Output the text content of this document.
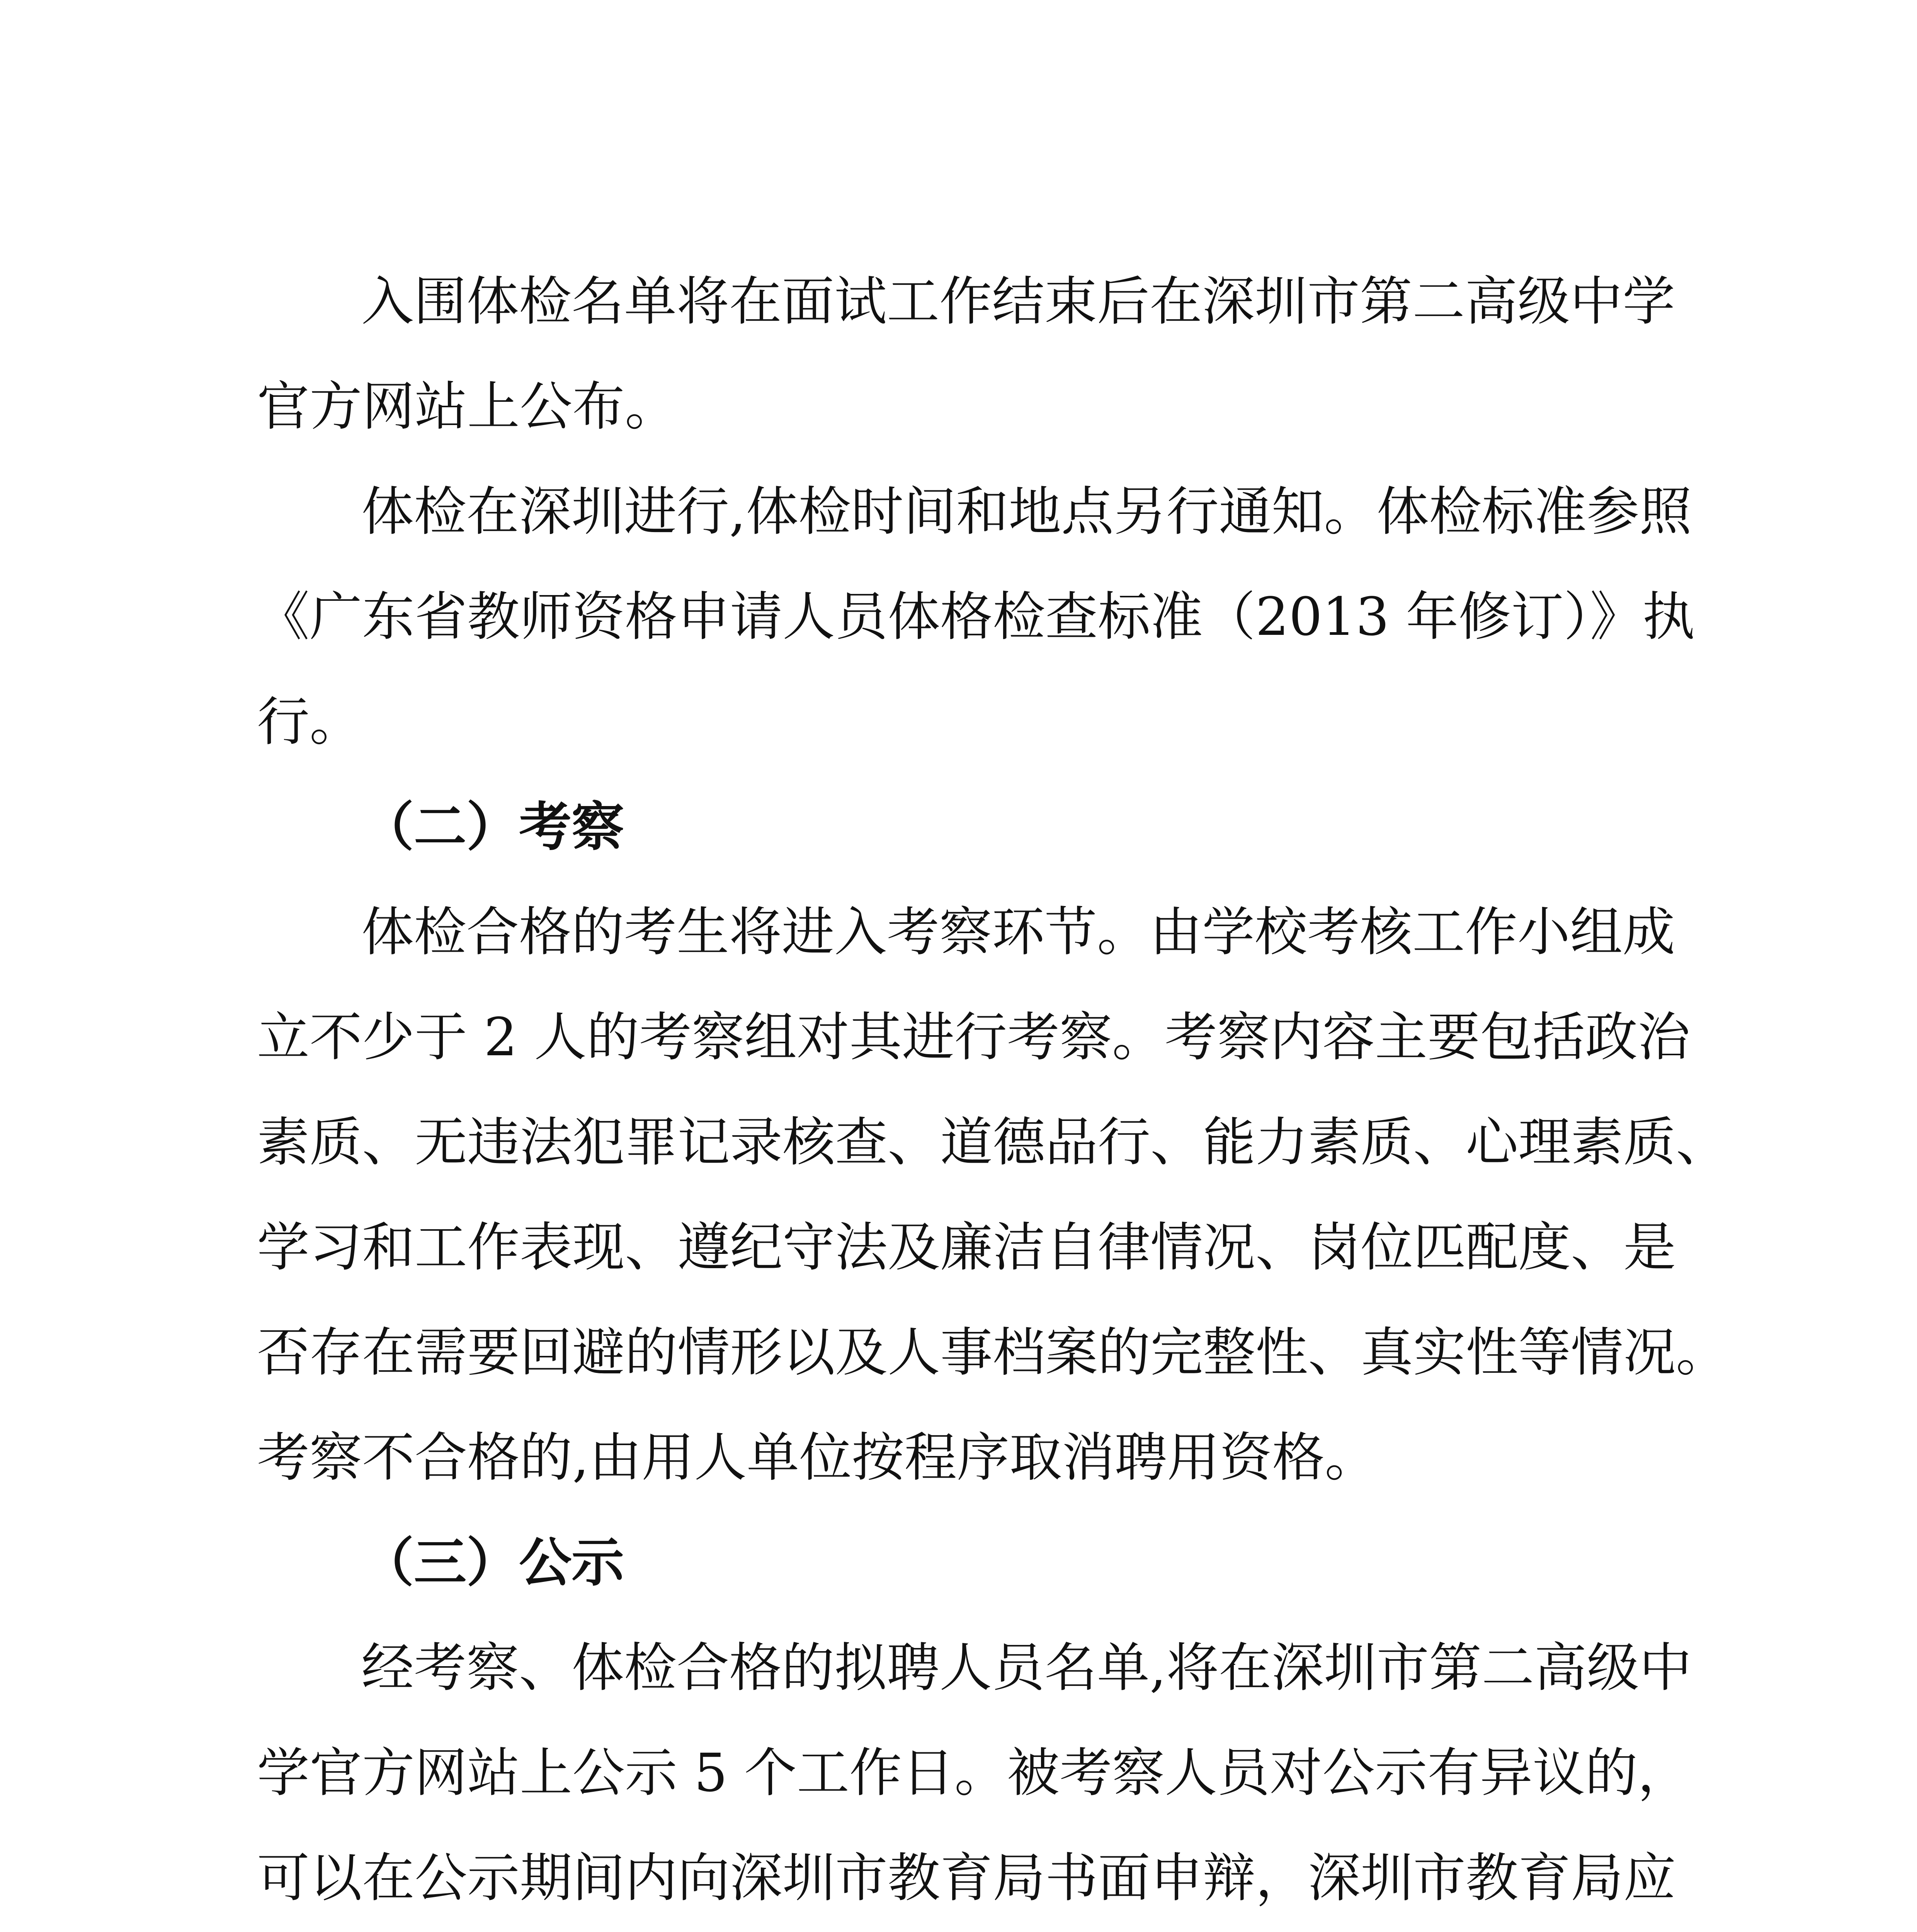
入围体检名单将在面试工作结束后在深圳市第二高级中学

官方网站上公布。

体检在深圳进行,体检时间和地点另行通知。体检标准参照

《广东省教师资格申请人员体格检查标准（2013 年修订）》执

行。

（二）考察

体检合格的考生将进入考察环节。由学校考核工作小组成

立不少于 2 人的考察组对其进行考察。考察内容主要包括政治

素质、无违法犯罪记录核查、道德品行、能力素质、心理素质、

学习和工作表现、遵纪守法及廉洁自律情况、岗位匹配度、是

否存在需要回避的情形以及人事档案的完整性、真实性等情况。

考察不合格的,由用人单位按程序取消聘用资格。

（三）公示

经考察、体检合格的拟聘人员名单,将在深圳市第二高级中

学官方网站上公示 5 个工作日。被考察人员对公示有异议的，

可以在公示期间内向深圳市教育局书面申辩，深圳市教育局应
